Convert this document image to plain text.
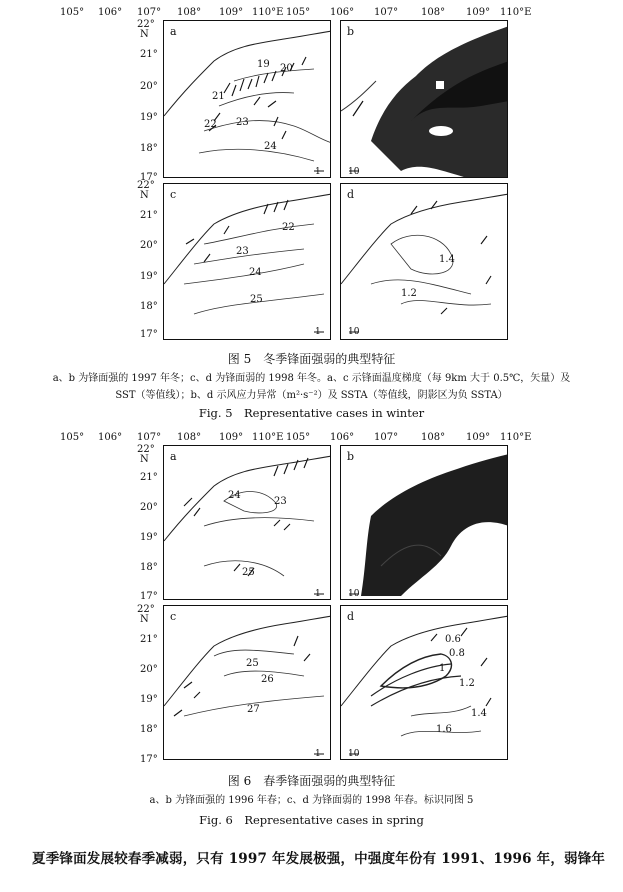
105° 106° 107° 108° 109° 110°E 105° 106° 107° 108° 109° 110°E
22°
N
21°
20°
19°
18°
17°
22°
N
21°
20°
19°
18°
17°
a
19 20
21
22 23
24
1
b
10
c
22
23
24
25
1
d
1.4
1.2
10
图 5　冬季锋面强弱的典型特征
a、b 为锋面强的 1997 年冬；c、d 为锋面弱的 1998 年冬。a、c 示锋面温度梯度（每 9km 大于 0.5℃，矢量）及
SST（等值线）；b、d 示风应力异常（m²·s⁻²）及 SSTA（等值线，阴影区为负 SSTA）
Fig. 5　Representative cases in winter
105° 106° 107° 108° 109° 110°E 105° 106° 107° 108° 109° 110°E
22°
N
21°
20°
19°
18°
17°
22°
N
21°
20°
19°
18°
17°
a
24
23
25
1
b
10
c
25
26
27
1
d
0.6
0.8
1
1.2
1.4
1.6
10
图 6　春季锋面强弱的典型特征
a、b 为锋面强的 1996 年春；c、d 为锋面弱的 1998 年春。标识同图 5
Fig. 6　Representative cases in spring
夏季锋面发展较春季减弱，只有 1997 年发展极强，中强度年份有 1991、1996 年，弱锋年
